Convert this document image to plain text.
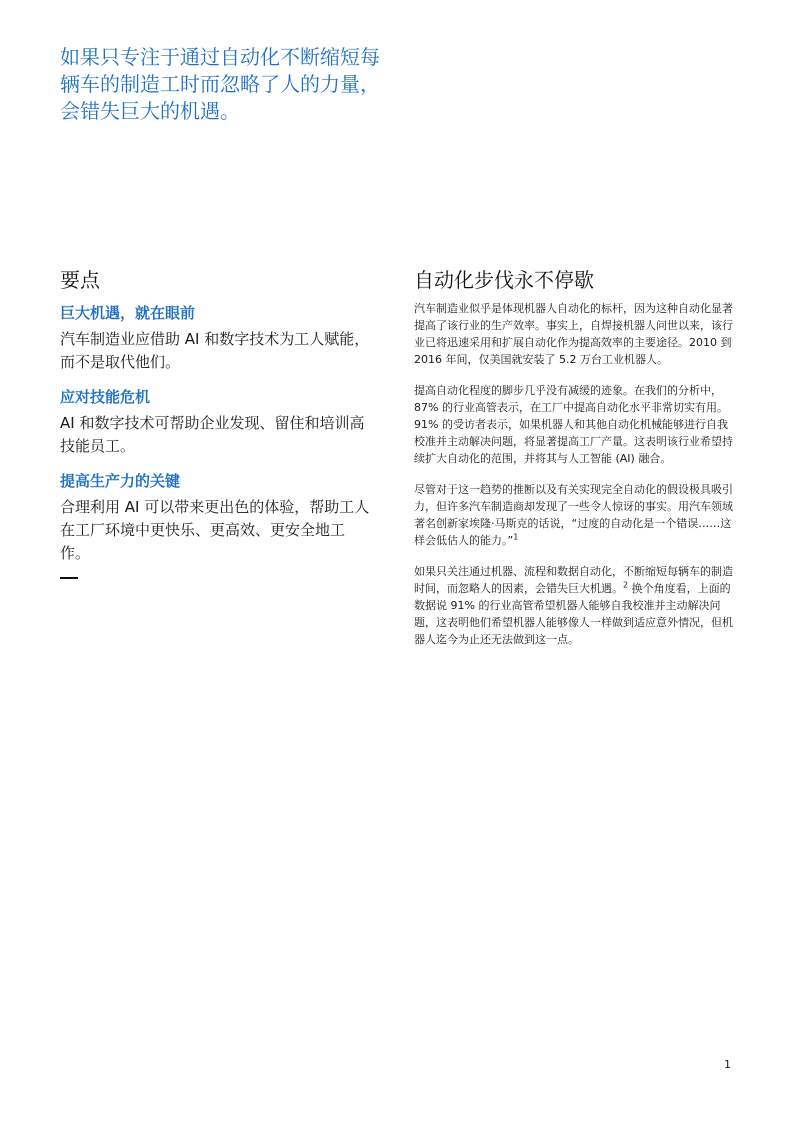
如果只专注于通过自动化不断缩短每辆车的制造工时而忽略了人的力量，会错失巨大的机遇。
要点
巨大机遇，就在眼前

汽车制造业应借助 AI 和数字技术为工人赋能，而不是取代他们。

应对技能危机

AI 和数字技术可帮助企业发现、留住和培训高技能员工。

提高生产力的关键

合理利用 AI 可以带来更出色的体验，帮助工人在工厂环境中更快乐、更高效、更安全地工作。

自动化步伐永不停歇

汽车制造业似乎是体现机器人自动化的标杆，因为这种自动化显著提高了该行业的生产效率。事实上，自焊接机器人问世以来，该行业已将迅速采用和扩展自动化作为提高效率的主要途径。2010 到 2016 年间，仅美国就安装了 5.2 万台工业机器人。

提高自动化程度的脚步几乎没有减缓的迹象。在我们的分析中，87% 的行业高管表示，在工厂中提高自动化水平非常切实有用。91% 的受访者表示，如果机器人和其他自动化机械能够进行自我校准并主动解决问题，将显著提高工厂产量。这表明该行业希望持续扩大自动化的范围，并将其与人工智能 (AI) 融合。

尽管对于这一趋势的推断以及有关实现完全自动化的假设极具吸引力，但许多汽车制造商却发现了一些令人惊讶的事实。用汽车领域著名创新家埃隆·马斯克的话说，“过度的自动化是一个错误……这样会低估人的能力。”$^1$

如果只关注通过机器、流程和数据自动化，不断缩短每辆车的制造时间，而忽略人的因素，会错失巨大机遇。$^2$ 换个角度看，上面的数据说 91% 的行业高管希望机器人能够自我校准并主动解决问题，这表明他们希望机器人能够像人一样做到适应意外情况，但机器人迄今为止还无法做到这一点。

1
